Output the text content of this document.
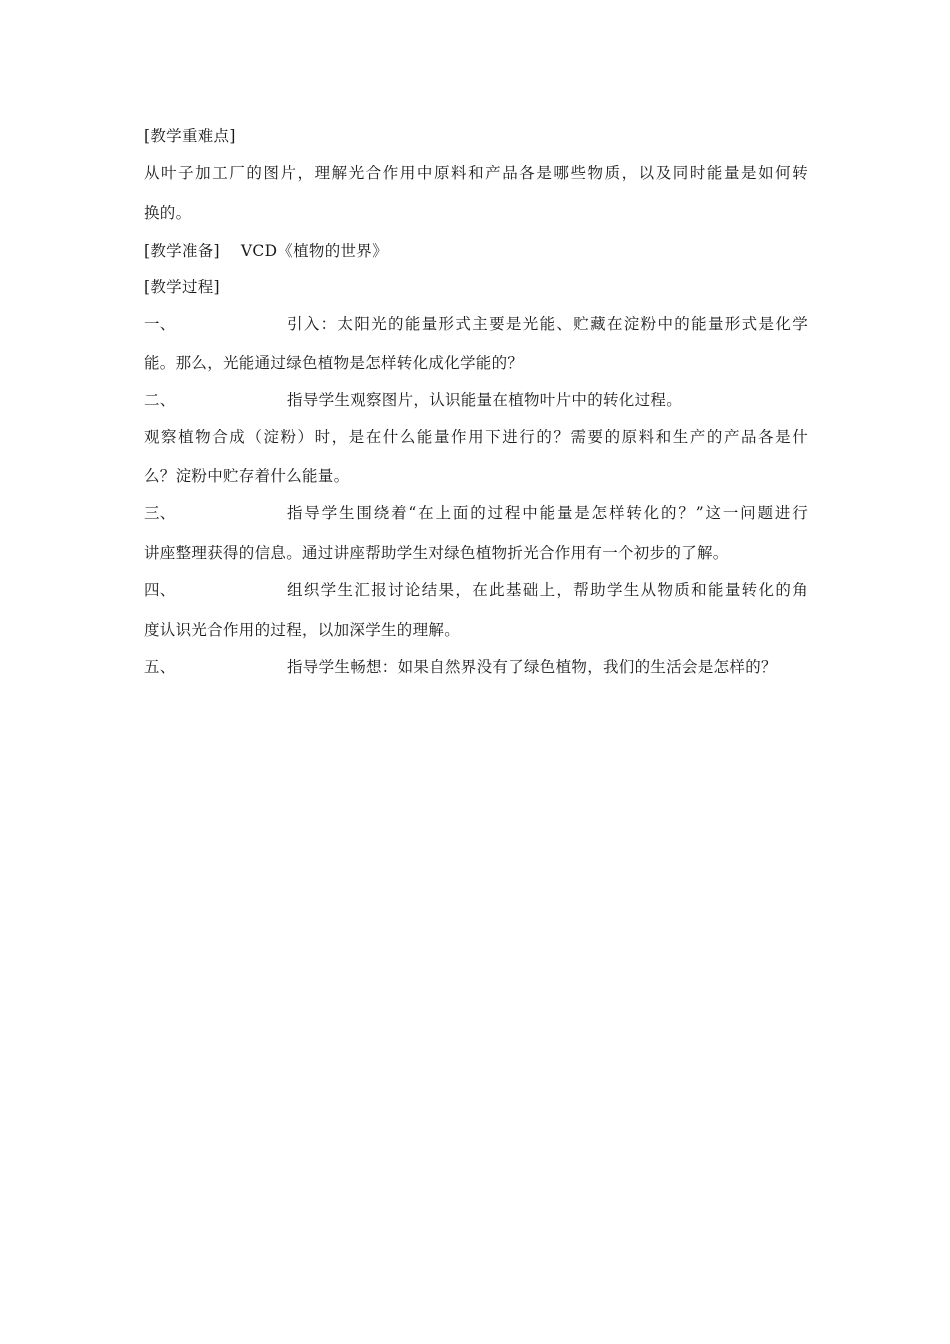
[教学重难点]
从叶子加工厂的图片，理解光合作用中原料和产品各是哪些物质，以及同时能量是如何转
换的。
[教学准备]　 VCD《植物的世界》
[教学过程]
一、	引入：太阳光的能量形式主要是光能、贮藏在淀粉中的能量形式是化学
能。那么，光能通过绿色植物是怎样转化成化学能的？
二、	指导学生观察图片，认识能量在植物叶片中的转化过程。
观察植物合成（淀粉）时，是在什么能量作用下进行的？需要的原料和生产的产品各是什
么？淀粉中贮存着什么能量。
三、	指导学生围绕着“在上面的过程中能量是怎样转化的？”这一问题进行
讲座整理获得的信息。通过讲座帮助学生对绿色植物折光合作用有一个初步的了解。
四、	组织学生汇报讨论结果，在此基础上，帮助学生从物质和能量转化的角
度认识光合作用的过程，以加深学生的理解。
五、	指导学生畅想：如果自然界没有了绿色植物，我们的生活会是怎样的？
